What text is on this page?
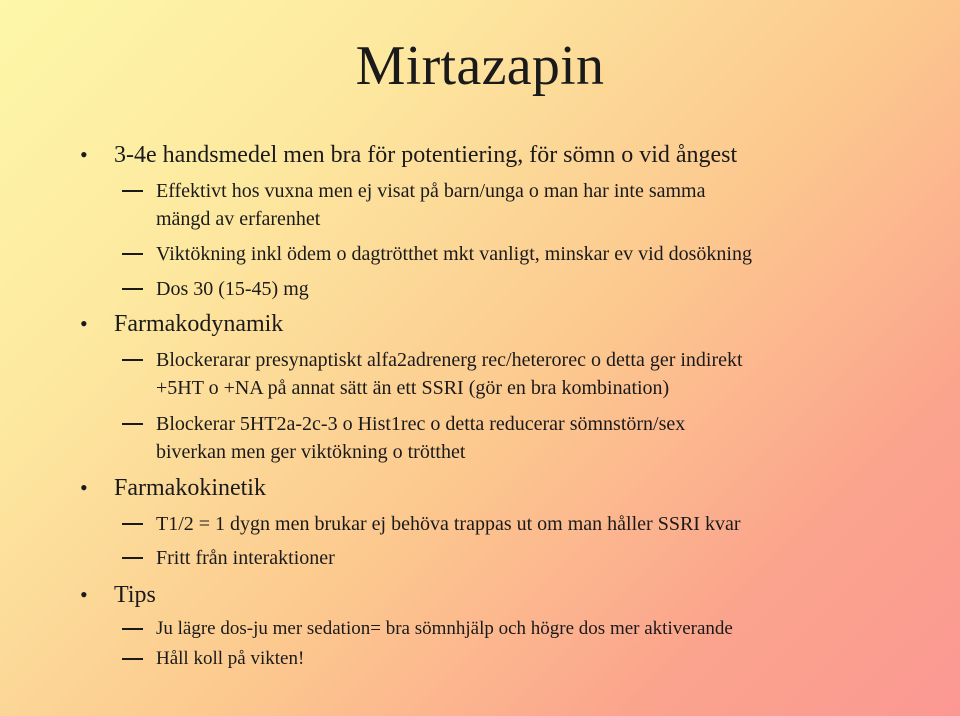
Mirtazapin
• 3-4e handsmedel men bra för potentiering, för sömn o vid ångest
Effektivt hos vuxna men ej visat på barn/unga o man har inte samma
mängd av erfarenhet
Viktökning inkl ödem o dagtrötthet mkt vanligt, minskar ev vid dosökning
Dos 30 (15-45) mg
• Farmakodynamik
Blockerarar presynaptiskt alfa2adrenerg rec/heterorec o detta ger indirekt
+5HT o +NA på annat sätt än ett SSRI (gör en bra kombination)
Blockerar 5HT2a-2c-3 o Hist1rec o detta reducerar sömnstörn/sex
biverkan men ger viktökning o trötthet
• Farmakokinetik
T1/2 = 1 dygn men brukar ej behöva trappas ut om man håller SSRI kvar
Fritt från interaktioner
• Tips
Ju lägre dos-ju mer sedation= bra sömnhjälp och högre dos mer aktiverande
Håll koll på vikten!
